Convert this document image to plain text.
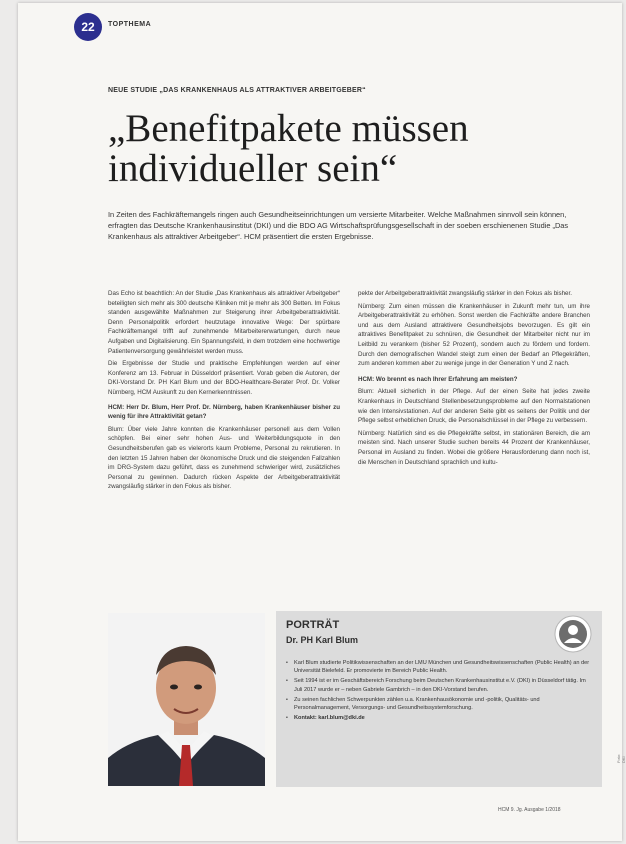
22	TOPTHEMA
NEUE STUDIE „DAS KRANKENHAUS ALS ATTRAKTIVER ARBEITGEBER“
„Benefitpakete müssen individueller sein“
In Zeiten des Fachkräftemangels ringen auch Gesundheitseinrichtungen um versierte Mitarbeiter. Welche Maßnahmen sinnvoll sein können, erfragten das Deutsche Krankenhausinstitut (DKI) und die BDO AG Wirtschaftsprüfungsgesellschaft in der soeben erschienenen Studie „Das Krankenhaus als attraktiver Arbeitgeber“. HCM präsentiert die ersten Ergebnisse.

Das Echo ist beachtlich: An der Studie „Das Krankenhaus als attraktiver Arbeitgeber“ beteiligten sich mehr als 300 deutsche Kliniken mit je mehr als 300 Betten. Im Fokus standen ausgewählte Maßnahmen zur Steigerung ihrer Arbeitgeberattraktivität. Denn Personalpolitik erfordert heutzutage innovative Wege: Der spürbare Fachkräftemangel trifft auf zunehmende Mitarbeitererwartungen, durch neue Aufgaben und Digitalisierung. Ein Spannungsfeld, in dem trotzdem eine hochwertige Patientenversorgung gewährleistet werden muss.

Die Ergebnisse der Studie und praktische Empfehlungen werden auf einer Konferenz am 13. Februar in Düsseldorf präsentiert. Vorab geben die Autoren, der DKI-Vorstand Dr. PH Karl Blum und der BDO-Healthcare-Berater Prof. Dr. Volker Nürnberg, HCM Auskunft zu den Kernerkenntnissen.

HCM: Herr Dr. Blum, Herr Prof. Dr. Nürnberg, haben Krankenhäuser bisher zu wenig für ihre Attraktivität getan?

Blum: Über viele Jahre konnten die Krankenhäuser personell aus dem Vollen schöpfen. Bei einer sehr hohen Aus- und Weiterbildungsquote in den Gesundheitsberufen gab es vielerorts kaum Probleme, Personal zu rekrutieren. In den letzten 15 Jahren haben der ökonomische Druck und die steigenden Fallzahlen im DRG-System dazu geführt, dass es zunehmend schwieriger wird, zusätzliches Personal zu gewinnen. Dadurch rücken Aspekte der Arbeitgeberattraktivität zwangsläufig stärker in den Fokus als bisher.

pekte der Arbeitgeberattraktivität zwangsläufig stärker in den Fokus als bisher.

Nürnberg: Zum einen müssen die Krankenhäuser in Zukunft mehr tun, um ihre Arbeitgeberattraktivität zu erhöhen. Sonst werden die Fachkräfte andere Branchen und aus dem Ausland attraktivere Gesundheitsjobs bevorzugen. Es gilt ein attraktives Benefitpaket zu schnüren, die Gesundheit der Mitarbeiter nicht nur im Leitbild zu verankern (bisher 52 Prozent), sondern auch zu fördern und fordern. Durch den demografischen Wandel steigt zum einen der Bedarf an Pflegekräften, zum anderen kommen aber zu wenige junge in der Generation Y und Z nach.

HCM: Wo brennt es nach Ihrer Erfahrung am meisten?

Blum: Aktuell sicherlich in der Pflege. Auf der einen Seite hat jedes zweite Krankenhaus in Deutschland Stellenbesetzungsprobleme auf den Normalstationen wie den Intensivstationen. Auf der anderen Seite gibt es seitens der Politik und der Pflege selbst erheblichen Druck, die Personalschlüssel in der Pflege zu verbessern.

Nürnberg: Natürlich sind es die Pflegekräfte selbst, im stationären Bereich, die am meisten sind. Nach unserer Studie suchen bereits 44 Prozent der Krankenhäuser, Personal im Ausland zu finden. Wobei die größere Herausforderung dann noch ist, die Menschen in Deutschland sprachlich und kultu-

PORTRÄT
Dr. PH Karl Blum
▪ Karl Blum studierte Politikwissenschaften an der LMU München und Gesundheitswissenschaften (Public Health) an der Universität Bielefeld. Er promovierte im Bereich Public Health.
▪ Seit 1994 ist er im Geschäftsbereich Forschung beim Deutschen Krankenhausinstitut e.V. (DKI) in Düsseldorf tätig. Im Juli 2017 wurde er – neben Gabriele Gambrich – in den DKI-Vorstand berufen.
▪ Zu seinen fachlichen Schwerpunkten zählen u.a. Krankenhausökonomie und -politik, Qualitäts- und Personalmanagement, Versorgungs- und Gesundheitssystemforschung.
▪ Kontakt: karl.blum@dki.de
Foto: DKI
HCM 9. Jg. Ausgabe 1/2018
